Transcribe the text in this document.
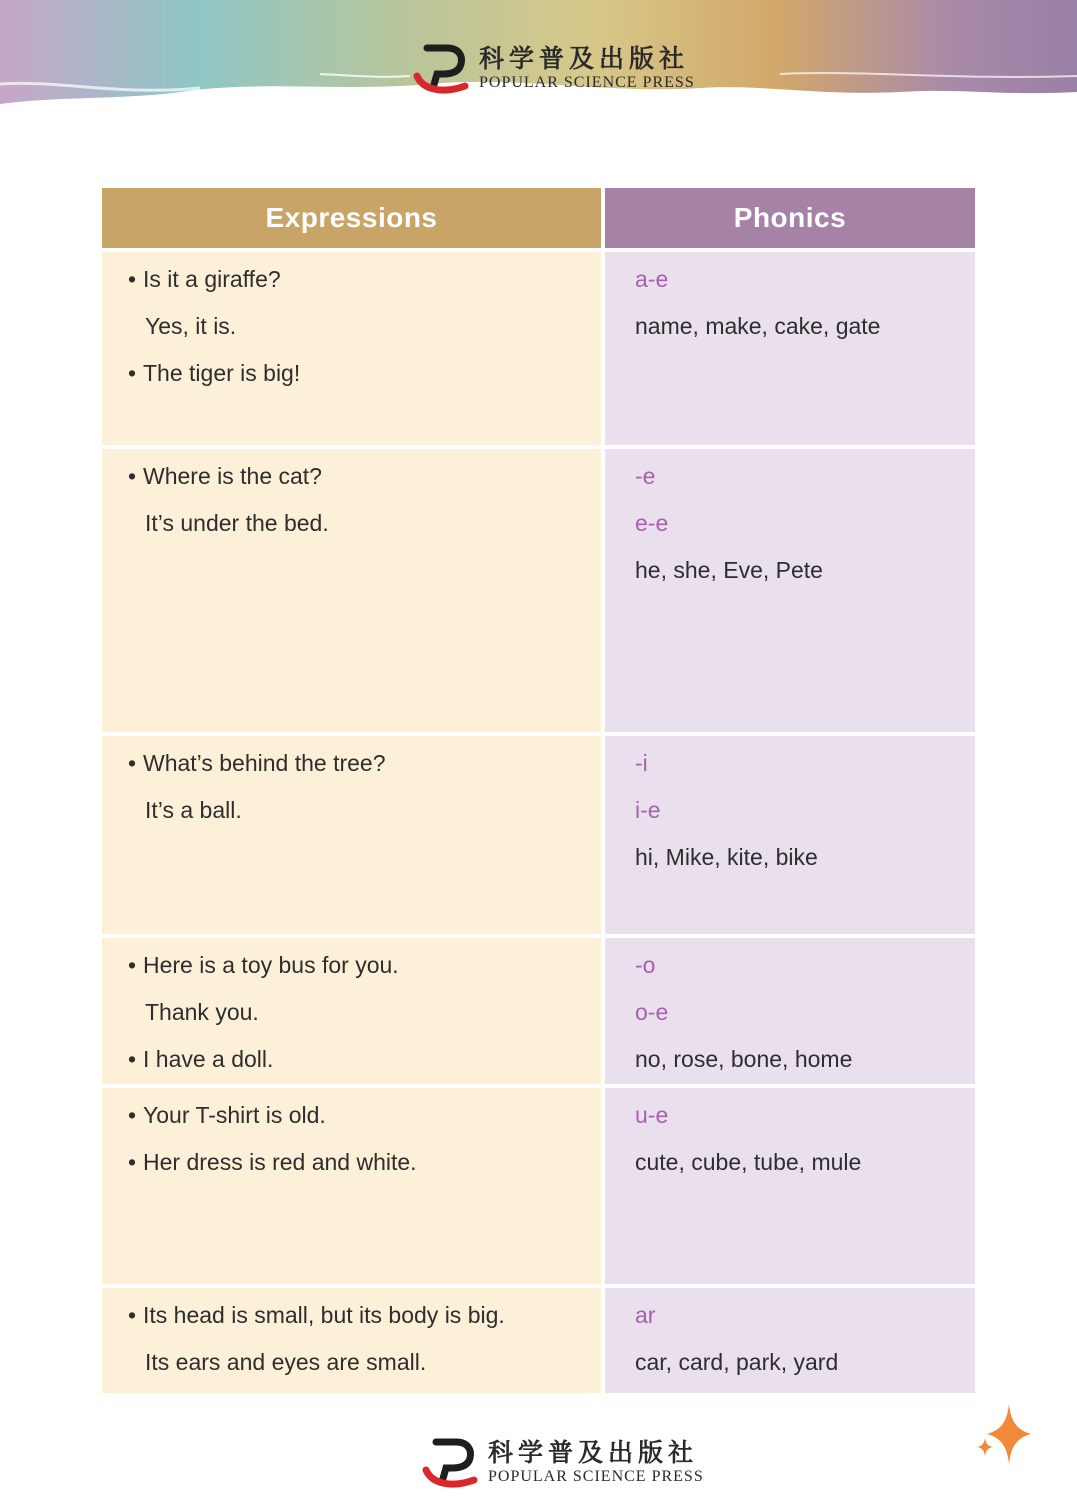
科学普及出版社
POPULAR SCIENCE PRESS
Expressions	Phonics
• Is it a giraffe?
Yes, it is.
• The tiger is big!
a-e
name, make, cake, gate
• Where is the cat?
It’s under the bed.
-e
e-e
he, she, Eve, Pete
• What’s behind the tree?
It’s a ball.
-i
i-e
hi, Mike, kite, bike
• Here is a toy bus for you.
Thank you.
• I have a doll.
-o
o-e
no, rose, bone, home
• Your T-shirt is old.
• Her dress is red and white.
u-e
cute, cube, tube, mule
• Its head is small, but its body is big.
Its ears and eyes are small.
ar
car, card, park, yard
科学普及出版社
POPULAR SCIENCE PRESS
